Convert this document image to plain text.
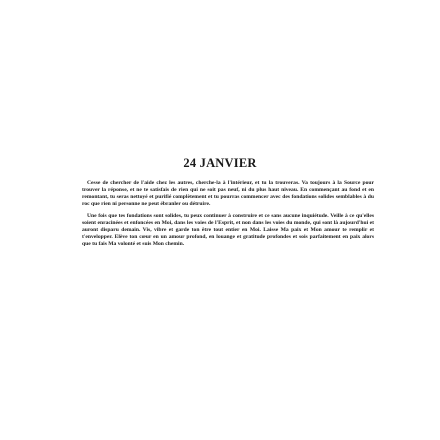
24 JANVIER

Cesse de chercher de l'aide chez les autres, cherche-la à l'intérieur, et tu la trouveras. Va toujours à la Source pour trouver la réponse, et ne te satisfais de rien qui ne soit pas neuf, ni du plus haut niveau. En commençant au fond et en remontant, tu seras nettoyé et purifié complètement et tu pourras commencer avec des fondations solides semblables à du roc que rien ni personne ne peut ébranler ou détruire.

Une fois que tes fondations sont solides, tu peux continuer à construire et ce sans aucune inquiétude. Veille à ce qu'elles soient enracinées et enfoncées en Moi, dans les voies de l'Esprit, et non dans les voies du monde, qui sont là aujourd'hui et auront disparu demain. Vis, vibre et garde ton être tout entier en Moi. Laisse Ma paix et Mon amour te remplir et t'envelopper. Elève ton cœur en un amour profond, en louange et gratitude profondes et sois parfaitement en paix alors que tu fais Ma volonté et suis Mon chemin.
